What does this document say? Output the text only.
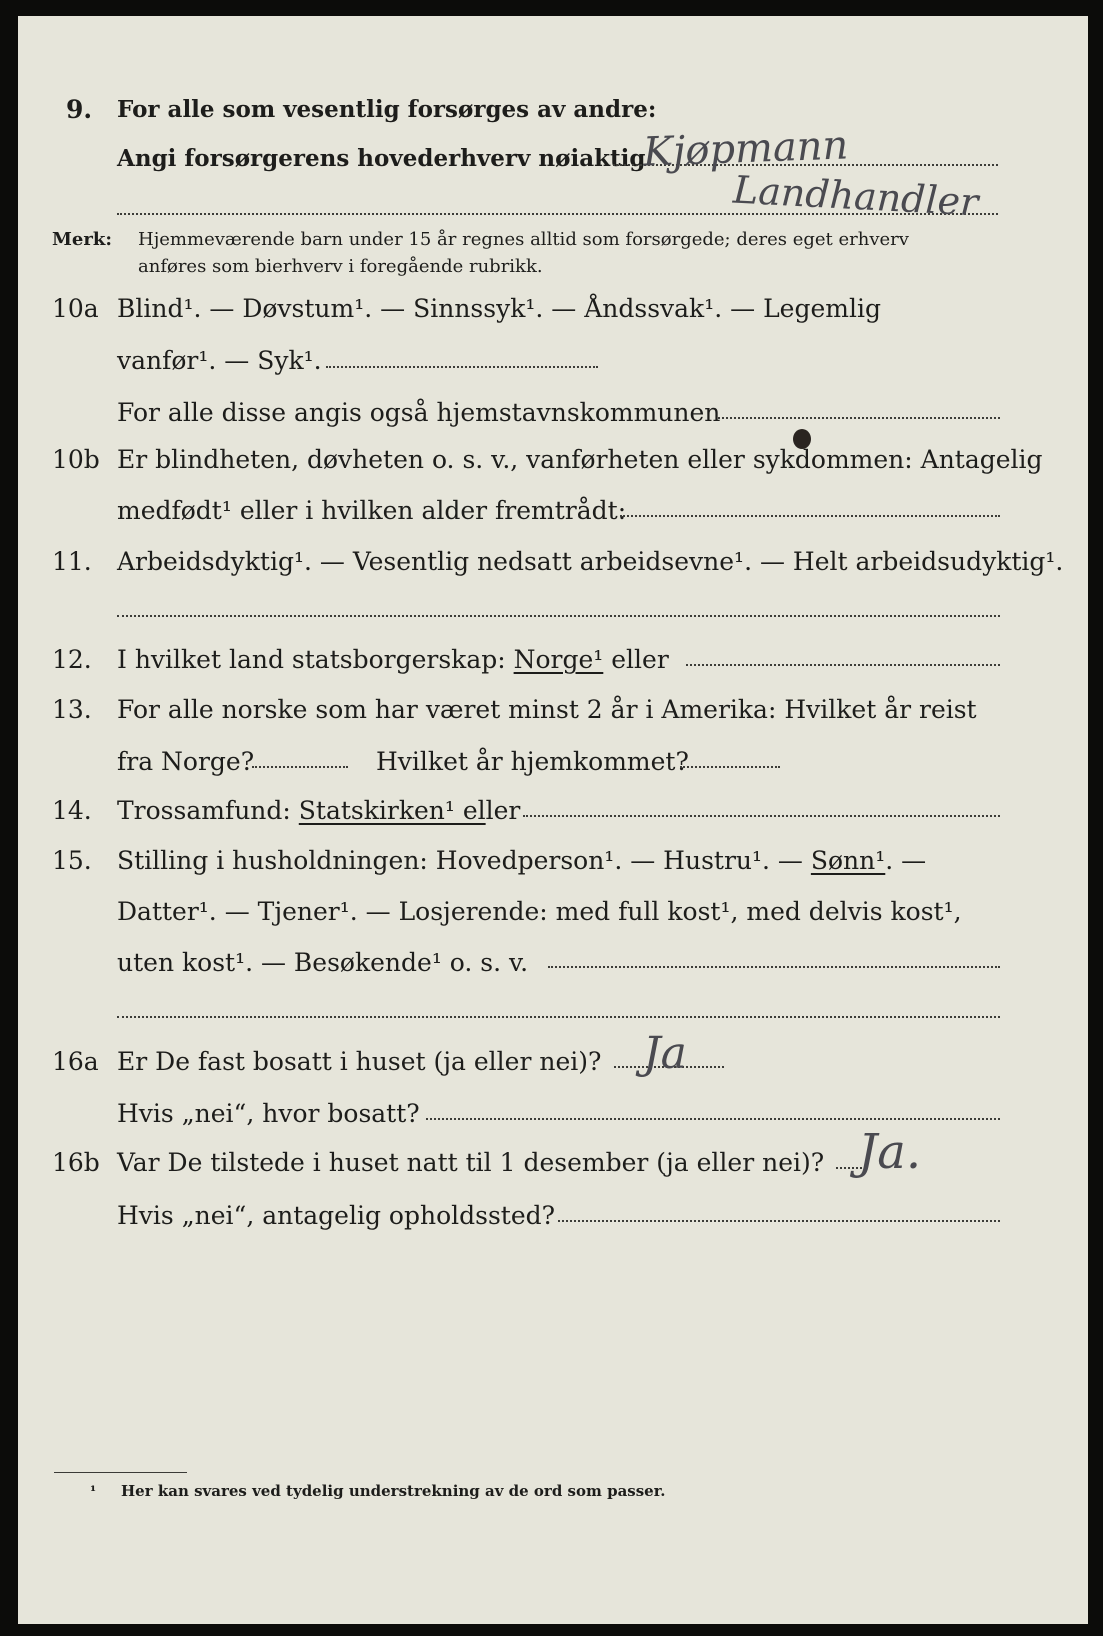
9. For alle som vesentlig forsørges av andre:
Angi forsørgerens hovederhverv nøiaktig
Kjøpmann
Landhandler
Merk: Hjemmeværende barn under 15 år regnes alltid som forsørgede; deres eget erhverv
anføres som bierhverv i foregående rubrikk.
10a Blind¹. — Døvstum¹. — Sinnssyk¹. — Åndssvak¹. — Legemlig
vanfør¹. — Syk¹.
For alle disse angis også hjemstavnskommunen
10b Er blindheten, døvheten o. s. v., vanførheten eller sykdommen: Antagelig
medfødt¹ eller i hvilken alder fremtrådt:
11. Arbeidsdyktig¹. — Vesentlig nedsatt arbeidsevne¹. — Helt arbeidsudyktig¹.
12. I hvilket land statsborgerskap: Norge¹ eller
13. For alle norske som har været minst 2 år i Amerika: Hvilket år reist
fra Norge?	Hvilket år hjemkommet?
14. Trossamfund: Statskirken¹ eller
15. Stilling i husholdningen: Hovedperson¹. — Hustru¹. — Sønn¹. —
Datter¹. — Tjener¹. — Losjerende: med full kost¹, med delvis kost¹,
uten kost¹. — Besøkende¹ o. s. v.
16a Er De fast bosatt i huset (ja eller nei)? Ja
Hvis „nei“, hvor bosatt?
16b Var De tilstede i huset natt til 1 desember (ja eller nei)? Ja.
Hvis „nei“, antagelig opholdssted?
¹ Her kan svares ved tydelig understrekning av de ord som passer.
